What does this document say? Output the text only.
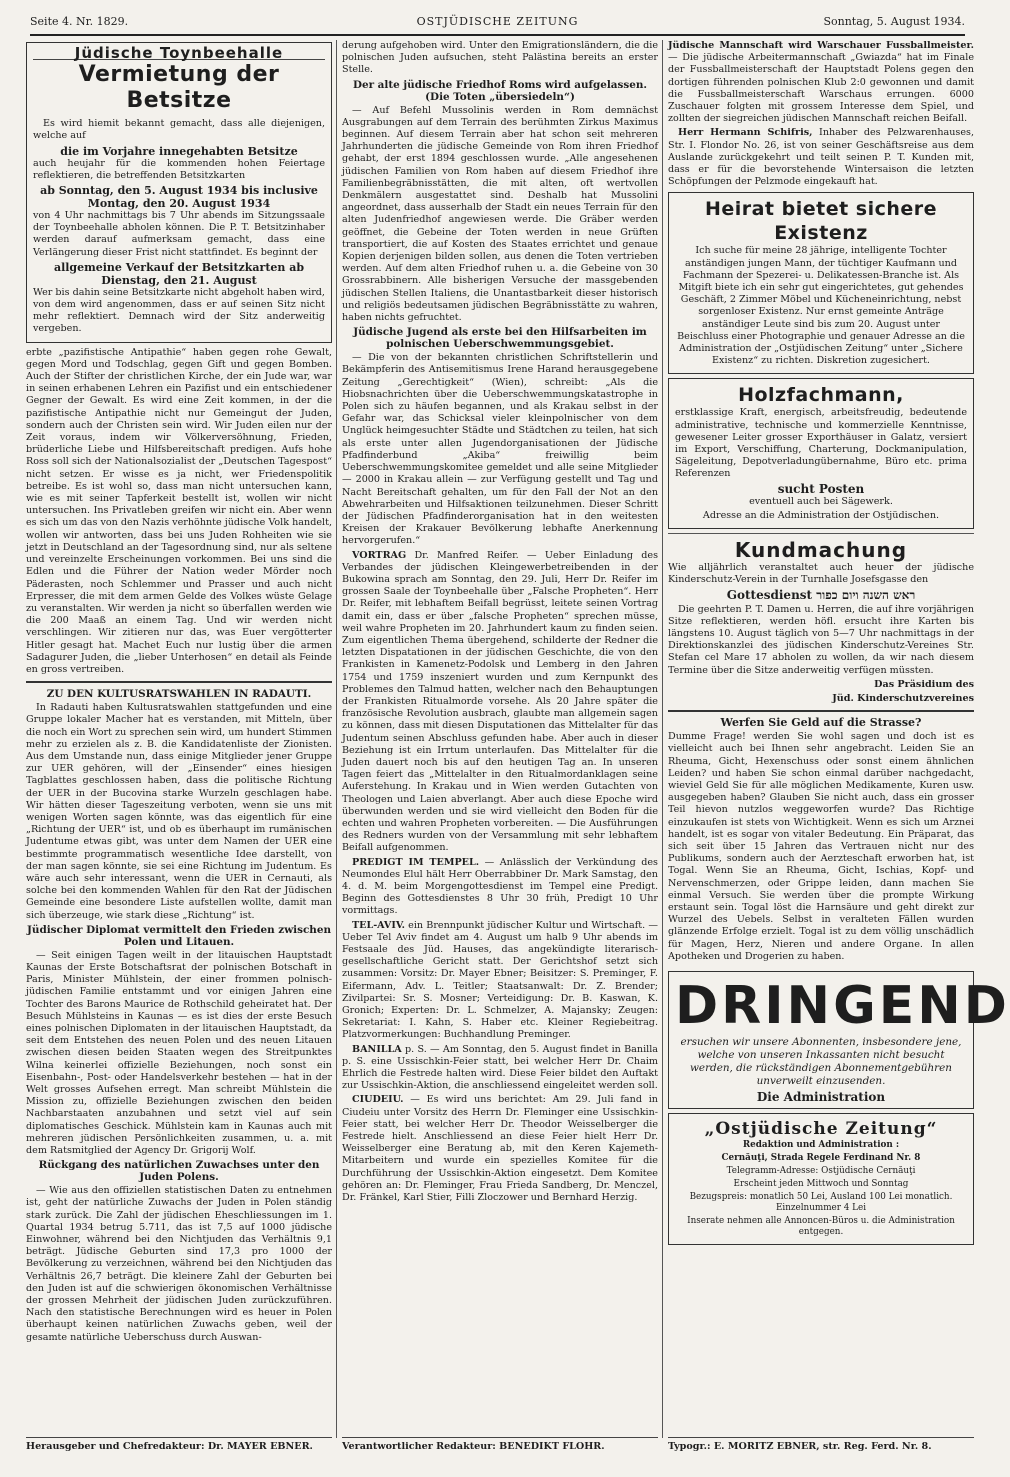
Seite 4. Nr. 1829.	OSTJÜDISCHE ZEITUNG	Sonntag, 5. August 1934.
Jüdische Toynbeehalle
Vermietung der Betsitze

Es wird hiemit bekannt gemacht, dass alle diejenigen, welche auf

die im Vorjahre innegehabten Betsitze

auch heujahr für die kommenden hohen Feiertage reflektieren, die betreffenden Betsitzkarten

ab Sonntag, den 5. August 1934 bis inclusive Montag, den 20. August 1934

von 4 Uhr nachmittags bis 7 Uhr abends im Sitzungssaale der Toynbeehalle abholen können. Die P. T. Betsitzinhaber werden darauf aufmerksam gemacht, dass eine Verlängerung dieser Frist nicht stattfindet. Es beginnt der

allgemeine Verkauf der Betsitzkarten ab Dienstag, den 21. August

Wer bis dahin seine Betsitzkarte nicht abgeholt haben wird, von dem wird angenommen, dass er auf seinen Sitz nicht mehr reflektiert. Demnach wird der Sitz anderweitig vergeben.

erbte „pazifistische Antipathie“ haben gegen rohe Gewalt, gegen Mord und Todschlag, gegen Gift und gegen Bomben. Auch der Stifter der christlichen Kirche, der ein Jude war, war in seinen erhabenen Lehren ein Pazifist und ein entschiedener Gegner der Gewalt. Es wird eine Zeit kommen, in der die pazifistische Antipathie nicht nur Gemeingut der Juden, sondern auch der Christen sein wird. Wir Juden eilen nur der Zeit voraus, indem wir Völkerversöhnung, Frieden, brüderliche Liebe und Hilfsbereitschaft predigen. Aufs hohe Ross soll sich der Nationalsozialist der „Deutschen Tagespost“ nicht setzen. Er wisse es ja nicht, wer Friedenspolitik betreibe. Es ist wohl so, dass man nicht untersuchen kann, wie es mit seiner Tapferkeit bestellt ist, wollen wir nicht untersuchen. Ins Privatleben greifen wir nicht ein. Aber wenn es sich um das von den Nazis verhöhnte jüdische Volk handelt, wollen wir antworten, dass bei uns Juden Rohheiten wie sie jetzt in Deutschland an der Tagesordnung sind, nur als seltene und vereinzelte Erscheinungen vorkommen. Bei uns sind die Edlen und die Führer der Nation weder Mörder noch Päderasten, noch Schlemmer und Prasser und auch nicht Erpresser, die mit dem armen Gelde des Volkes wüste Gelage zu veranstalten. Wir werden ja nicht so überfallen werden wie die 200 Maaß an einem Tag. Und wir werden nicht verschlingen. Wir zitieren nur das, was Euer vergötterter Hitler gesagt hat. Machet Euch nur lustig über die armen Sadagurer Juden, die „lieber Unterhosen“ en detail als Feinde en gross vertreiben.

ZU DEN KULTUSRATSWAHLEN IN RADAUTI.

In Radauti haben Kultusratswahlen stattgefunden und eine Gruppe lokaler Macher hat es verstanden, mit Mitteln, über die noch ein Wort zu sprechen sein wird, um hundert Stimmen mehr zu erzielen als z. B. die Kandidatenliste der Zionisten. Aus dem Umstande nun, dass einige Mitglieder jener Gruppe zur UER gehören, will der „Einsender“ eines hiesigen Tagblattes geschlossen haben, dass die politische Richtung der UER in der Bucovina starke Wurzeln geschlagen habe. Wir hätten dieser Tageszeitung verboten, wenn sie uns mit wenigen Worten sagen könnte, was das eigentlich für eine „Richtung der UER“ ist, und ob es überhaupt im rumänischen Judentume etwas gibt, was unter dem Namen der UER eine bestimmte programmatisch wesentliche Idee darstellt, von der man sagen könnte, sie sei eine Richtung im Judentum. Es wäre auch sehr interessant, wenn die UER in Cernauti, als solche bei den kommenden Wahlen für den Rat der Jüdischen Gemeinde eine besondere Liste aufstellen wollte, damit man sich überzeuge, wie stark diese „Richtung“ ist.

Jüdischer Diplomat vermittelt den Frieden zwischen Polen und Litauen.

— Seit einigen Tagen weilt in der litauischen Hauptstadt Kaunas der Erste Botschaftsrat der polnischen Botschaft in Paris, Minister Mühlstein, der einer frommen polnisch-jüdischen Familie entstammt und vor einigen Jahren eine Tochter des Barons Maurice de Rothschild geheiratet hat. Der Besuch Mühlsteins in Kaunas — es ist dies der erste Besuch eines polnischen Diplomaten in der litauischen Hauptstadt, da seit dem Entstehen des neuen Polen und des neuen Litauen zwischen diesen beiden Staaten wegen des Streitpunktes Wilna keinerlei offizielle Beziehungen, noch sonst ein Eisenbahn-, Post- oder Handelsverkehr bestehen — hat in der Welt grosses Aufsehen erregt. Man schreibt Mühlstein die Mission zu, offizielle Beziehungen zwischen den beiden Nachbarstaaten anzubahnen und setzt viel auf sein diplomatisches Geschick. Mühlstein kam in Kaunas auch mit mehreren jüdischen Persönlichkeiten zusammen, u. a. mit dem Ratsmitglied der Agency Dr. Grigorij Wolf.

Rückgang des natürlichen Zuwachses unter den Juden Polens.

— Wie aus den offiziellen statistischen Daten zu entnehmen ist, geht der natürliche Zuwachs der Juden in Polen ständig stark zurück. Die Zahl der jüdischen Eheschliessungen im 1. Quartal 1934 betrug 5.711, das ist 7,5 auf 1000 jüdische Einwohner, während bei den Nichtjuden das Verhältnis 9,1 beträgt. Jüdische Geburten sind 17,3 pro 1000 der Bevölkerung zu verzeichnen, während bei den Nichtjuden das Verhältnis 26,7 beträgt. Die kleinere Zahl der Geburten bei den Juden ist auf die schwierigen ökonomischen Verhältnisse der grossen Mehrheit der jüdischen Juden zurückzuführen. Nach den statistische Berechnungen wird es heuer in Polen überhaupt keinen natürlichen Zuwachs geben, weil der gesamte natürliche Ueberschuss durch Auswan-

derung aufgehoben wird. Unter den Emigrationsländern, die die polnischen Juden aufsuchen, steht Palästina bereits an erster Stelle.

Der alte jüdische Friedhof Roms wird aufgelassen. (Die Toten „übersiedeln“)

— Auf Befehl Mussolinis werden in Rom demnächst Ausgrabungen auf dem Terrain des berühmten Zirkus Maximus beginnen. Auf diesem Terrain aber hat schon seit mehreren Jahrhunderten die jüdische Gemeinde von Rom ihren Friedhof gehabt, der erst 1894 geschlossen wurde. „Alle angesehenen jüdischen Familien von Rom haben auf diesem Friedhof ihre Familienbegräbnisstätten, die mit alten, oft wertvollen Denkmälern ausgestattet sind. Deshalb hat Mussolini angeordnet, dass ausserhalb der Stadt ein neues Terrain für den alten Judenfriedhof angewiesen werde. Die Gräber werden geöffnet, die Gebeine der Toten werden in neue Grüften transportiert, die auf Kosten des Staates errichtet und genaue Kopien derjenigen bilden sollen, aus denen die Toten vertrieben werden. Auf dem alten Friedhof ruhen u. a. die Gebeine von 30 Grossrabbinern. Alle bisherigen Versuche der massgebenden jüdischen Stellen Italiens, die Unantastbarkeit dieser historisch und religiös bedeutsamen jüdischen Begräbnisstätte zu wahren, haben nichts gefruchtet.

Jüdische Jugend als erste bei den Hilfsarbeiten im polnischen Ueberschwemmungsgebiet.

— Die von der bekannten christlichen Schriftstellerin und Bekämpferin des Antisemitismus Irene Harand herausgegebene Zeitung „Gerechtigkeit“ (Wien), schreibt: „Als die Hiobsnachrichten über die Ueberschwemmungskatastrophe in Polen sich zu häufen begannen, und als Krakau selbst in der Gefahr war, das Schicksal vieler kleinpolnischer von dem Unglück heimgesuchter Städte und Städtchen zu teilen, hat sich als erste unter allen Jugendorganisationen der Jüdische Pfadfinderbund „Akiba“ freiwillig beim Ueberschwemmungskomitee gemeldet und alle seine Mitglieder — 2000 in Krakau allein — zur Verfügung gestellt und Tag und Nacht Bereitschaft gehalten, um für den Fall der Not an den Abwehrarbeiten und Hilfsaktionen teilzunehmen. Dieser Schritt der Jüdischen Pfadfinderorganisation hat in den weitesten Kreisen der Krakauer Bevölkerung lebhafte Anerkennung hervorgerufen.“

VORTRAG Dr. Manfred Reifer. — Ueber Einladung des Verbandes der jüdischen Kleingewerbetreibenden in der Bukowina sprach am Sonntag, den 29. Juli, Herr Dr. Reifer im grossen Saale der Toynbeehalle über „Falsche Propheten“. Herr Dr. Reifer, mit lebhaftem Beifall begrüsst, leitete seinen Vortrag damit ein, dass er über „falsche Propheten“ sprechen müsse, weil wahre Propheten im 20. Jahrhundert kaum zu finden seien. Zum eigentlichen Thema übergehend, schilderte der Redner die letzten Dispatationen in der jüdischen Geschichte, die von den Frankisten in Kamenetz-Podolsk und Lemberg in den Jahren 1754 und 1759 inszeniert wurden und zum Kernpunkt des Problemes den Talmud hatten, welcher nach den Behauptungen der Frankisten Ritualmorde vorsehe. Als 20 Jahre später die französische Revolution ausbrach, glaubte man allgemein sagen zu können, dass mit diesen Disputationen das Mittelalter für das Judentum seinen Abschluss gefunden habe. Aber auch in dieser Beziehung ist ein Irrtum unterlaufen. Das Mittelalter für die Juden dauert noch bis auf den heutigen Tag an. In unseren Tagen feiert das „Mittelalter in den Ritualmordanklagen seine Auferstehung. In Krakau und in Wien werden Gutachten von Theologen und Laien abverlangt. Aber auch diese Epoche wird überwunden werden und sie wird vielleicht den Boden für die echten und wahren Propheten vorbereiten. — Die Ausführungen des Redners wurden von der Versammlung mit sehr lebhaftem Beifall aufgenommen.

PREDIGT IM TEMPEL. — Anlässlich der Verkündung des Neumondes Elul hält Herr Oberrabbiner Dr. Mark Samstag, den 4. d. M. beim Morgengottesdienst im Tempel eine Predigt. Beginn des Gottesdienstes 8 Uhr 30 früh, Predigt 10 Uhr vormittags.

TEL-AVIV. ein Brennpunkt jüdischer Kultur und Wirtschaft. — Ueber Tel Aviv findet am 4. August um halb 9 Uhr abends im Festsaale des Jüd. Hauses, das angekündigte literarisch-gesellschaftliche Gericht statt. Der Gerichtshof setzt sich zusammen: Vorsitz: Dr. Mayer Ebner; Beisitzer: S. Preminger, F. Eifermann, Adv. L. Teitler; Staatsanwalt: Dr. Z. Brender; Zivilpartei: Sr. S. Mosner; Verteidigung: Dr. B. Kaswan, K. Gronich; Experten: Dr. L. Schmelzer, A. Majansky; Zeugen: Sekretariat: I. Kahn, S. Haber etc. Kleiner Regiebeitrag. Platzvormerkungen: Buchhandlung Preminger.

BANILLA p. S. — Am Sonntag, den 5. August findet in Banilla p. S. eine Ussischkin-Feier statt, bei welcher Herr Dr. Chaim Ehrlich die Festrede halten wird. Diese Feier bildet den Auftakt zur Ussischkin-Aktion, die anschliessend eingeleitet werden soll.

CIUDEIU. — Es wird uns berichtet: Am 29. Juli fand in Ciudeiu unter Vorsitz des Herrn Dr. Fleminger eine Ussischkin-Feier statt, bei welcher Herr Dr. Theodor Weisselberger die Festrede hielt. Anschliessend an diese Feier hielt Herr Dr. Weisselberger eine Beratung ab, mit den Keren Kajemeth-Mitarbeitern und wurde ein spezielles Komitee für die Durchführung der Ussischkin-Aktion eingesetzt. Dem Komitee gehören an: Dr. Fleminger, Frau Frieda Sandberg, Dr. Menczel, Dr. Fränkel, Karl Stier, Filli Zloczower und Bernhard Herzig.

Jüdische Mannschaft wird Warschauer Fussballmeister. — Die jüdische Arbeitermannschaft „Gwiazda“ hat im Finale der Fussballmeisterschaft der Hauptstadt Polens gegen den dortigen führenden polnischen Klub 2:0 gewonnen und damit die Fussballmeisterschaft Warschaus errungen. 6000 Zuschauer folgten mit grossem Interesse dem Spiel, und zollten der siegreichen jüdischen Mannschaft reichen Beifall.

Herr Hermann Schifris, Inhaber des Pelzwarenhauses, Str. I. Flondor No. 26, ist von seiner Geschäftsreise aus dem Auslande zurückgekehrt und teilt seinen P. T. Kunden mit, dass er für die bevorstehende Wintersaison die letzten Schöpfungen der Pelzmode eingekauft hat.

Heirat bietet sichere Existenz

Ich suche für meine 28 jährige, intelligente Tochter anständigen jungen Mann, der tüchtiger Kaufmann und Fachmann der Spezerei- u. Delikatessen-Branche ist. Als Mitgift biete ich ein sehr gut eingerichtetes, gut gehendes Geschäft, 2 Zimmer Möbel und Kücheneinrichtung, nebst sorgenloser Existenz. Nur ernst gemeinte Anträge anständiger Leute sind bis zum 20. August unter Beischluss einer Photographie und genauer Adresse an die Administration der „Ostjüdischen Zeitung“ unter „Sichere Existenz“ zu richten. Diskretion zugesichert.

Holzfachmann,

erstklassige Kraft, energisch, arbeitsfreudig, bedeutende administrative, technische und kommerzielle Kenntnisse, gewesener Leiter grosser Exporthäuser in Galatz, versiert im Export, Verschiffung, Charterung, Dockmanipulation, Sägeleitung, Depotverladungübernahme, Büro etc. prima Referenzen

sucht Posten

eventuell auch bei Sägewerk.

Adresse an die Administration der Ostjüdischen.

Kundmachung

Wie alljährlich veranstaltet auch heuer der jüdische Kinderschutz-Verein in der Turnhalle Josefsgasse den

Gottesdienst ראש השנה ויום כפור

Die geehrten P. T. Damen u. Herren, die auf ihre vorjährigen Sitze reflektieren, werden höfl. ersucht ihre Karten bis längstens 10. August täglich von 5—7 Uhr nachmittags in der Direktionskanzlei des jüdischen Kinderschutz-Vereines Str. Stefan cel Mare 17 abholen zu wollen, da wir nach diesem Termine über die Sitze anderweitig verfügen müssten.

Das Präsidium des

Jüd. Kinderschutzvereines

Werfen Sie Geld auf die Strasse?

Dumme Frage! werden Sie wohl sagen und doch ist es vielleicht auch bei Ihnen sehr angebracht. Leiden Sie an Rheuma, Gicht, Hexenschuss oder sonst einem ähnlichen Leiden? und haben Sie schon einmal darüber nachgedacht, wieviel Geld Sie für alle möglichen Medikamente, Kuren usw. ausgegeben haben? Glauben Sie nicht auch, dass ein grosser Teil hievon nutzlos weggeworfen wurde? Das Richtige einzukaufen ist stets von Wichtigkeit. Wenn es sich um Arznei handelt, ist es sogar von vitaler Bedeutung. Ein Präparat, das sich seit über 15 Jahren das Vertrauen nicht nur des Publikums, sondern auch der Aerzteschaft erworben hat, ist Togal. Wenn Sie an Rheuma, Gicht, Ischias, Kopf- und Nervenschmerzen, oder Grippe leiden, dann machen Sie einmal Versuch. Sie werden über die prompte Wirkung erstaunt sein. Togal löst die Harnsäure und geht direkt zur Wurzel des Uebels. Selbst in veralteten Fällen wurden glänzende Erfolge erzielt. Togal ist zu dem völlig unschädlich für Magen, Herz, Nieren und andere Organe. In allen Apotheken und Drogerien zu haben.

DRINGEND

ersuchen wir unsere Abonnenten, insbesondere jene, welche von unseren Inkassanten nicht besucht werden, die rückständigen Abonnementgebühren unverweilt einzusenden.

Die Administration
„Ostjüdische Zeitung“

Redaktion und Administration :

Cernăuţi, Strada Regele Ferdinand Nr. 8

Telegramm-Adresse: Ostjüdische Cernăuţi

Erscheint jeden Mittwoch und Sonntag

Bezugspreis: monatlich 50 Lei, Ausland 100 Lei monatlich. Einzelnummer 4 Lei

Inserate nehmen alle Annoncen-Büros u. die Administration entgegen.

Herausgeber und Chefredakteur: Dr. MAYER EBNER.	Verantwortlicher Redakteur: BENEDIKT FLOHR.	Typogr.: E. MORITZ EBNER, str. Reg. Ferd. Nr. 8.
